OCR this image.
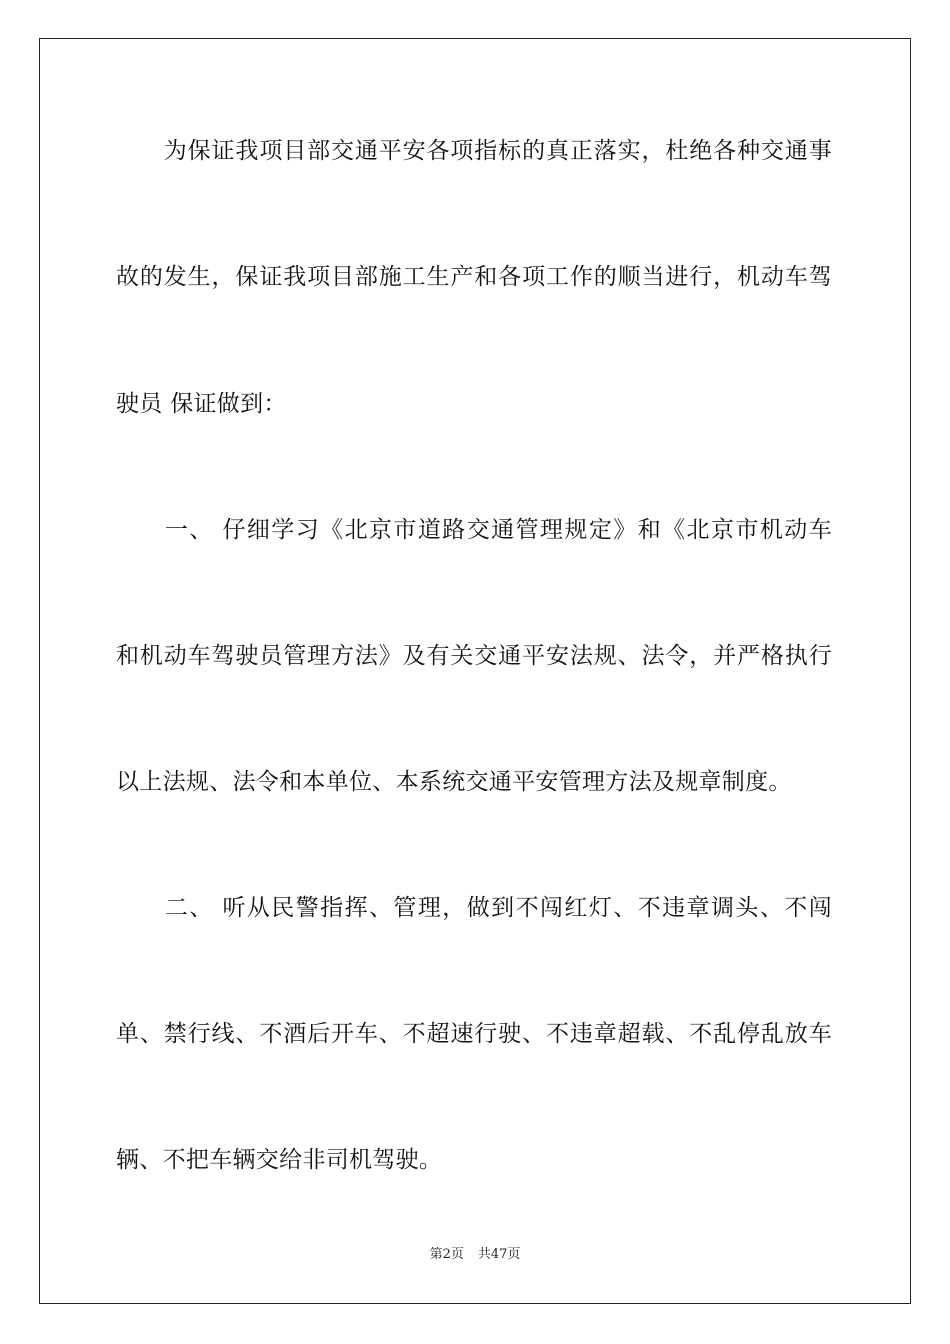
　　为保证我项目部交通平安各项指标的真正落实，杜绝各种交通事
故的发生，保证我项目部施工生产和各项工作的顺当进行，机动车驾
驶员 保证做到：
　　一、 仔细学习《北京市道路交通管理规定》和《北京市机动车
和机动车驾驶员管理方法》及有关交通平安法规、法令，并严格执行
以上法规、法令和本单位、本系统交通平安管理方法及规章制度。
　　二、 听从民警指挥、管理，做到不闯红灯、不违章调头、不闯
单、禁行线、不酒后开车、不超速行驶、不违章超载、不乱停乱放车
辆、不把车辆交给非司机驾驶。
第2页 共47页
